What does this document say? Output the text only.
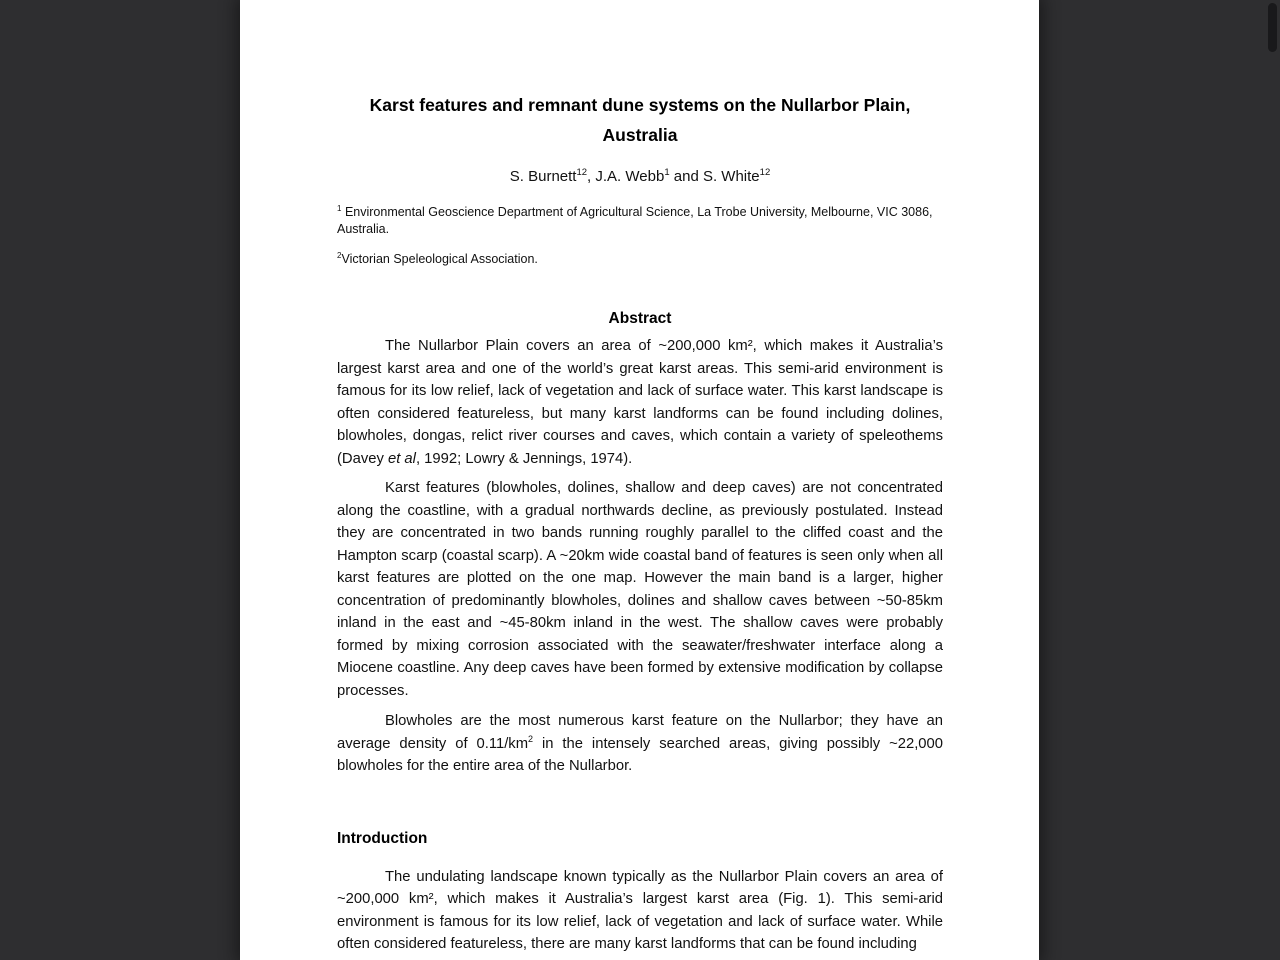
Karst features and remnant dune systems on the Nullarbor Plain,
Australia
S. Burnett$^{12}$, J.A. Webb$^1$ and S. White$^{12}$

$^1$ Environmental Geoscience Department of Agricultural Science, La Trobe University, Melbourne, VIC 3086, Australia.

$^2$Victorian Speleological Association.

Abstract

The Nullarbor Plain covers an area of ~200,000 km², which makes it Australia’s largest karst area and one of the world’s great karst areas. This semi-arid environment is famous for its low relief, lack of vegetation and lack of surface water. This karst landscape is often considered featureless, but many karst landforms can be found including dolines, blowholes, dongas, relict river courses and caves, which contain a variety of speleothems (Davey et al, 1992; Lowry & Jennings, 1974).

Karst features (blowholes, dolines, shallow and deep caves) are not concentrated along the coastline, with a gradual northwards decline, as previously postulated. Instead they are concentrated in two bands running roughly parallel to the cliffed coast and the Hampton scarp (coastal scarp). A ~20km wide coastal band of features is seen only when all karst features are plotted on the one map. However the main band is a larger, higher concentration of predominantly blowholes, dolines and shallow caves between ~50-85km inland in the east and ~45-80km inland in the west. The shallow caves were probably formed by mixing corrosion associated with the seawater/freshwater interface along a Miocene coastline. Any deep caves have been formed by extensive modification by collapse processes.

Blowholes are the most numerous karst feature on the Nullarbor; they have an average density of $0.11/km^2$ in the intensely searched areas, giving possibly ~22,000 blowholes for the entire area of the Nullarbor.

Introduction

The undulating landscape known typically as the Nullarbor Plain covers an area of ~200,000 km², which makes it Australia’s largest karst area (Fig. 1). This semi-arid environment is famous for its low relief, lack of vegetation and lack of surface water. While often considered featureless, there are many karst landforms that can be found including
